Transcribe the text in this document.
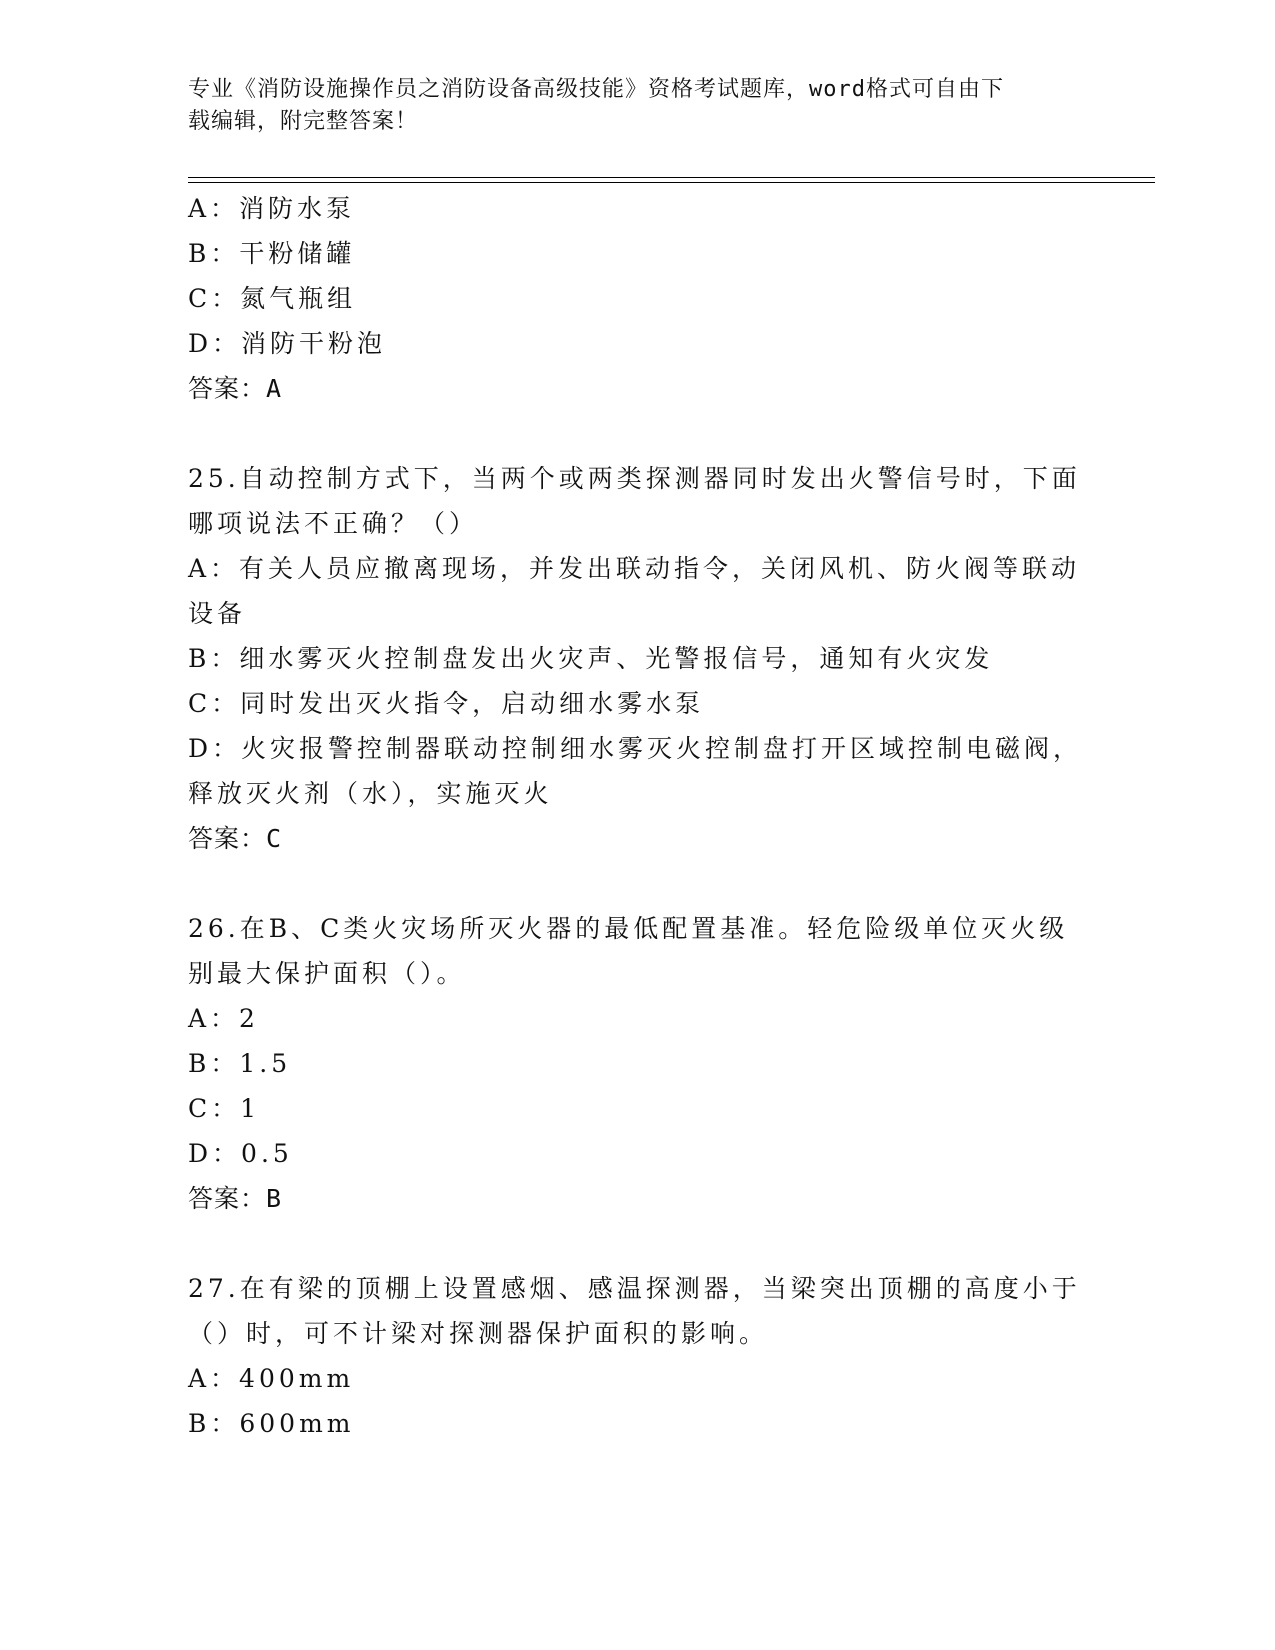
专业《消防设施操作员之消防设备高级技能》资格考试题库，word格式可自由下
载编辑，附完整答案！
A：消防水泵
B：干粉储罐
C：氮气瓶组
D：消防干粉泡
答案：A
25.自动控制方式下，当两个或两类探测器同时发出火警信号时，下面
哪项说法不正确？（）
A：有关人员应撤离现场，并发出联动指令，关闭风机、防火阀等联动
设备
B：细水雾灭火控制盘发出火灾声、光警报信号，通知有火灾发
C：同时发出灭火指令，启动细水雾水泵
D：火灾报警控制器联动控制细水雾灭火控制盘打开区域控制电磁阀，
释放灭火剂（水），实施灭火
答案：C
26.在B、C类火灾场所灭火器的最低配置基准。轻危险级单位灭火级
别最大保护面积（）。
A：2
B：1.5
C：1
D：0.5
答案：B
27.在有梁的顶棚上设置感烟、感温探测器，当梁突出顶棚的高度小于
（）时，可不计梁对探测器保护面积的影响。
A：400mm
B：600mm
